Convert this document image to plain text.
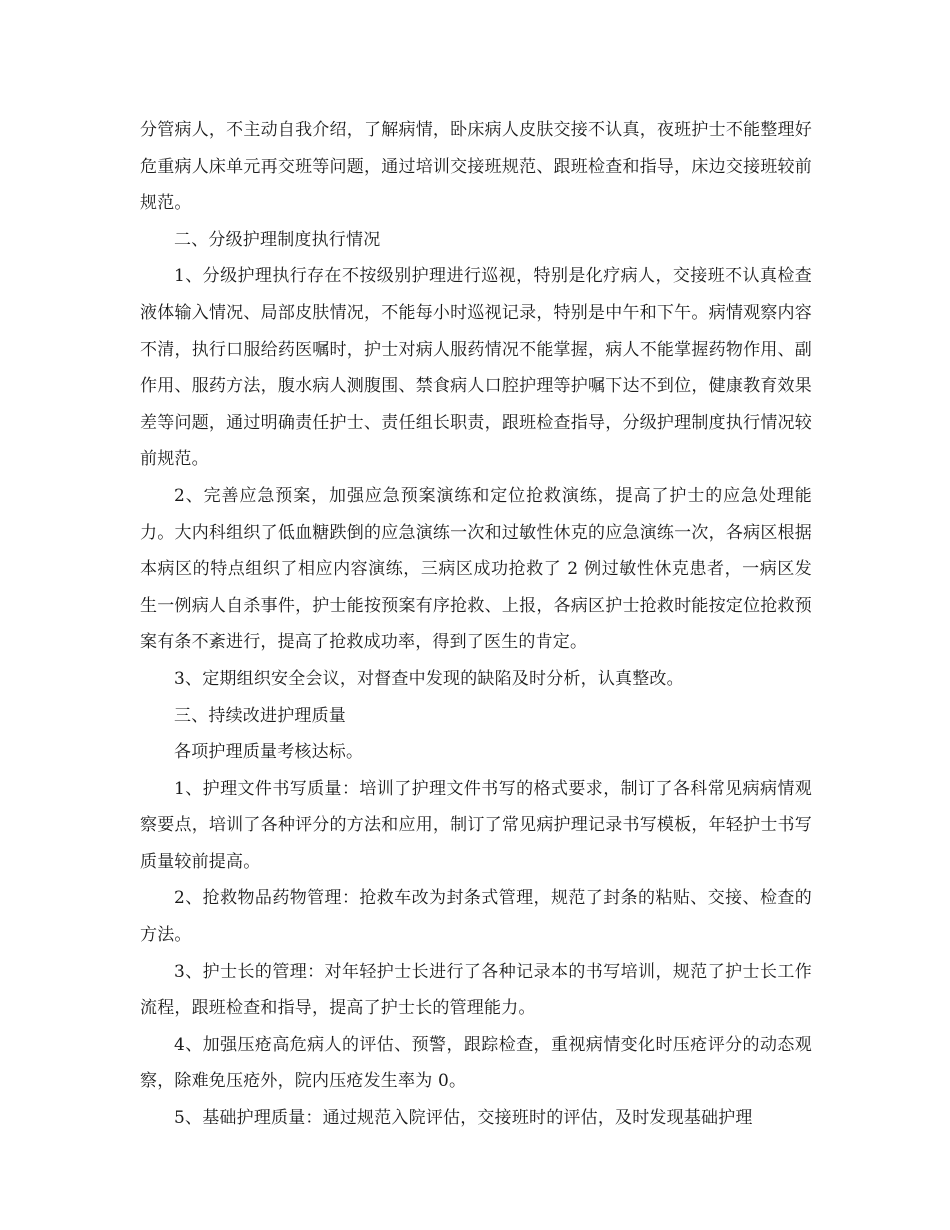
分管病人，不主动自我介绍，了解病情，卧床病人皮肤交接不认真，夜班护士不能整理好危重病人床单元再交班等问题，通过培训交接班规范、跟班检查和指导，床边交接班较前规范。

二、分级护理制度执行情况

1、分级护理执行存在不按级别护理进行巡视，特别是化疗病人，交接班不认真检查液体输入情况、局部皮肤情况，不能每小时巡视记录，特别是中午和下午。病情观察内容不清，执行口服给药医嘱时，护士对病人服药情况不能掌握，病人不能掌握药物作用、副作用、服药方法，腹水病人测腹围、禁食病人口腔护理等护嘱下达不到位，健康教育效果差等问题，通过明确责任护士、责任组长职责，跟班检查指导，分级护理制度执行情况较前规范。

2、完善应急预案，加强应急预案演练和定位抢救演练，提高了护士的应急处理能力。大内科组织了低血糖跌倒的应急演练一次和过敏性休克的应急演练一次，各病区根据本病区的特点组织了相应内容演练，三病区成功抢救了 2 例过敏性休克患者，一病区发生一例病人自杀事件，护士能按预案有序抢救、上报，各病区护士抢救时能按定位抢救预案有条不紊进行，提高了抢救成功率，得到了医生的肯定。

3、定期组织安全会议，对督查中发现的缺陷及时分析，认真整改。

三、持续改进护理质量

各项护理质量考核达标。

1、护理文件书写质量：培训了护理文件书写的格式要求，制订了各科常见病病情观察要点，培训了各种评分的方法和应用，制订了常见病护理记录书写模板，年轻护士书写质量较前提高。

2、抢救物品药物管理：抢救车改为封条式管理，规范了封条的粘贴、交接、检查的方法。

3、护士长的管理：对年轻护士长进行了各种记录本的书写培训，规范了护士长工作流程，跟班检查和指导，提高了护士长的管理能力。

4、加强压疮高危病人的评估、预警，跟踪检查，重视病情变化时压疮评分的动态观察，除难免压疮外，院内压疮发生率为 0。

5、基础护理质量：通过规范入院评估，交接班时的评估，及时发现基础护理
